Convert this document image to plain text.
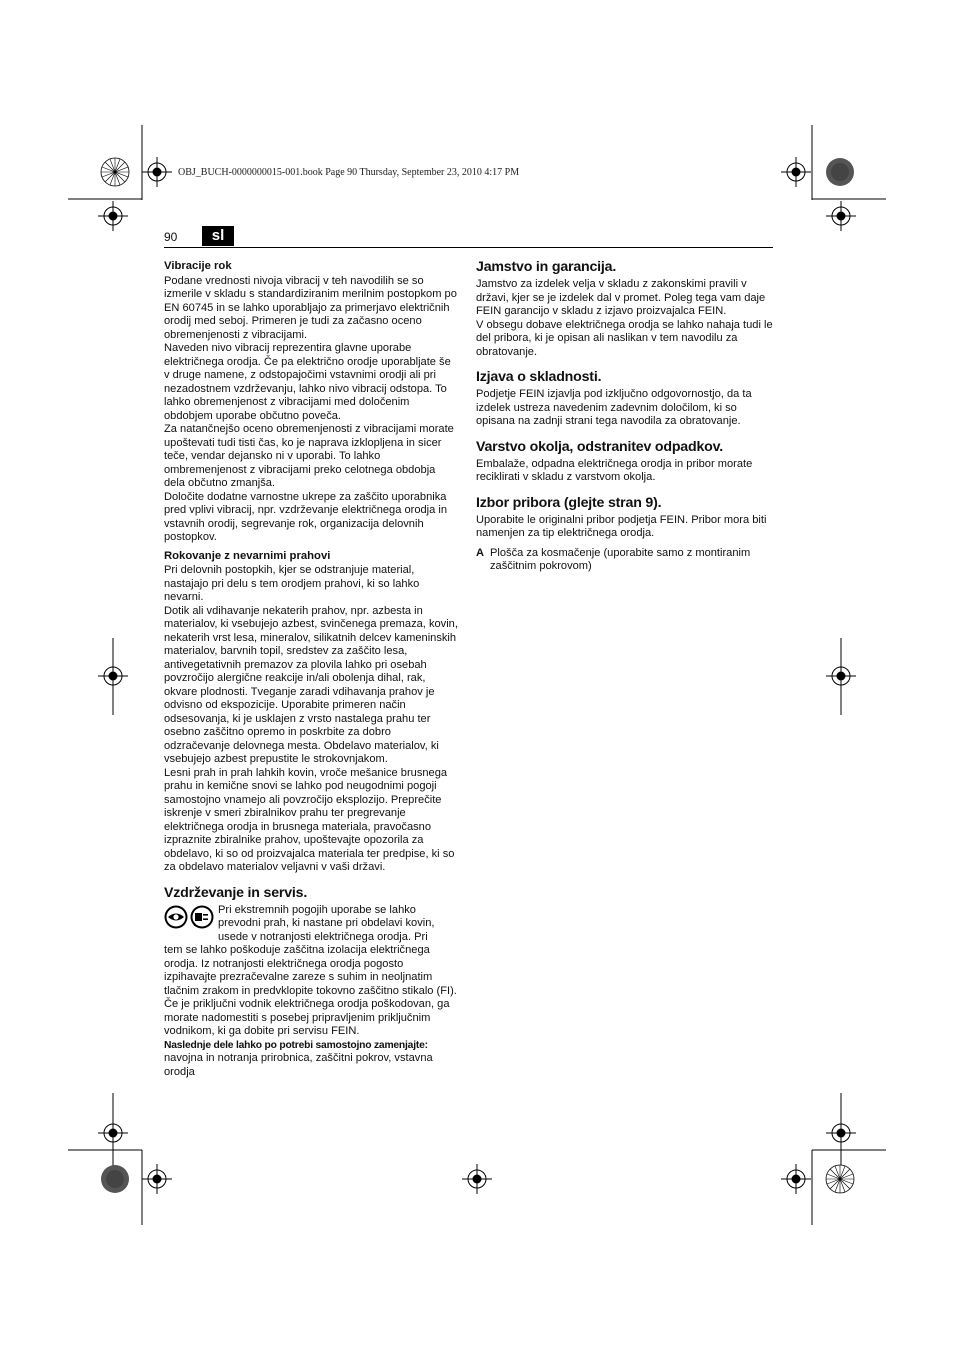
OBJ_BUCH-0000000015-001.book Page 90 Thursday, September 23, 2010 4:17 PM
90	sl
Vibracije rok

Podane vrednosti nivoja vibracij v teh navodilih se so izmerile v skladu s standardiziranim merilnim postopkom po EN 60745 in se lahko uporabljajo za primerjavo električnih orodij med seboj. Primeren je tudi za začasno oceno obremenjenosti z vibracijami.

Naveden nivo vibracij reprezentira glavne uporabe električnega orodja. Če pa električno orodje uporabljate še v druge namene, z odstopajočimi vstavnimi orodji ali pri nezadostnem vzdrževanju, lahko nivo vibracij odstopa. To lahko obremenjenost z vibracijami med določenim obdobjem uporabe občutno poveča.

Za natančnejšo oceno obremenjenosti z vibracijami morate upoštevati tudi tisti čas, ko je naprava izklopljena in sicer teče, vendar dejansko ni v uporabi. To lahko ombremenjenost z vibracijami preko celotnega obdobja dela občutno zmanjša.

Določite dodatne varnostne ukrepe za zaščito uporabnika pred vplivi vibracij, npr. vzdrževanje električnega orodja in vstavnih orodij, segrevanje rok, organizacija delovnih postopkov.

Rokovanje z nevarnimi prahovi

Pri delovnih postopkih, kjer se odstranjuje material, nastajajo pri delu s tem orodjem prahovi, ki so lahko nevarni.

Dotik ali vdihavanje nekaterih prahov, npr. azbesta in materialov, ki vsebujejo azbest, svinčenega premaza, kovin, nekaterih vrst lesa, mineralov, silikatnih delcev kameninskih materialov, barvnih topil, sredstev za zaščito lesa, antivegetativnih premazov za plovila lahko pri osebah povzročijo alergične reakcije in/ali obolenja dihal, rak, okvare plodnosti. Tveganje zaradi vdihavanja prahov je odvisno od ekspozicije. Uporabite primeren način odsesovanja, ki je usklajen z vrsto nastalega prahu ter osebno zaščitno opremo in poskrbite za dobro odzračevanje delovnega mesta. Obdelavo materialov, ki vsebujejo azbest prepustite le strokovnjakom.

Lesni prah in prah lahkih kovin, vroče mešanice brusnega prahu in kemične snovi se lahko pod neugodnimi pogoji samostojno vnamejo ali povzročijo eksplozijo. Preprečite iskrenje v smeri zbiralnikov prahu ter pregrevanje električnega orodja in brusnega materiala, pravočasno izpraznite zbiralnike prahov, upoštevajte opozorila za obdelavo, ki so od proizvajalca materiala ter predpise, ki so za obdelavo materialov veljavni v vaši državi.

Vzdrževanje in servis.
Pri ekstremnih pogojih uporabe se lahko
prevodni prah, ki nastane pri obdelavi kovin,
usede v notranjosti električnega orodja. Pri

tem se lahko poškoduje zaščitna izolacija električnega orodja. Iz notranjosti električnega orodja pogosto izpihavajte prezračevalne zareze s suhim in neoljnatim tlačnim zrakom in predvklopite tokovno zaščitno stikalo (FI).

Če je priključni vodnik električnega orodja poškodovan, ga morate nadomestiti s posebej pripravljenim priključnim vodnikom, ki ga dobite pri servisu FEIN.

Naslednje dele lahko po potrebi samostojno zamenjajte:

navojna in notranja prirobnica, zaščitni pokrov, vstavna orodja

Jamstvo in garancija.

Jamstvo za izdelek velja v skladu z zakonskimi pravili v državi, kjer se je izdelek dal v promet. Poleg tega vam daje FEIN garancijo v skladu z izjavo proizvajalca FEIN.

V obsegu dobave električnega orodja se lahko nahaja tudi le del pribora, ki je opisan ali naslikan v tem navodilu za obratovanje.

Izjava o skladnosti.

Podjetje FEIN izjavlja pod izključno odgovornostjo, da ta izdelek ustreza navedenim zadevnim določilom, ki so opisana na zadnji strani tega navodila za obratovanje.

Varstvo okolja, odstranitev odpadkov.

Embalaže, odpadna električnega orodja in pribor morate reciklirati v skladu z varstvom okolja.

Izbor pribora (glejte stran 9).

Uporabite le originalni pribor podjetja FEIN. Pribor mora biti namenjen za tip električnega orodja.

A Plošča za kosmačenje (uporabite samo z montiranim zaščitnim pokrovom)
